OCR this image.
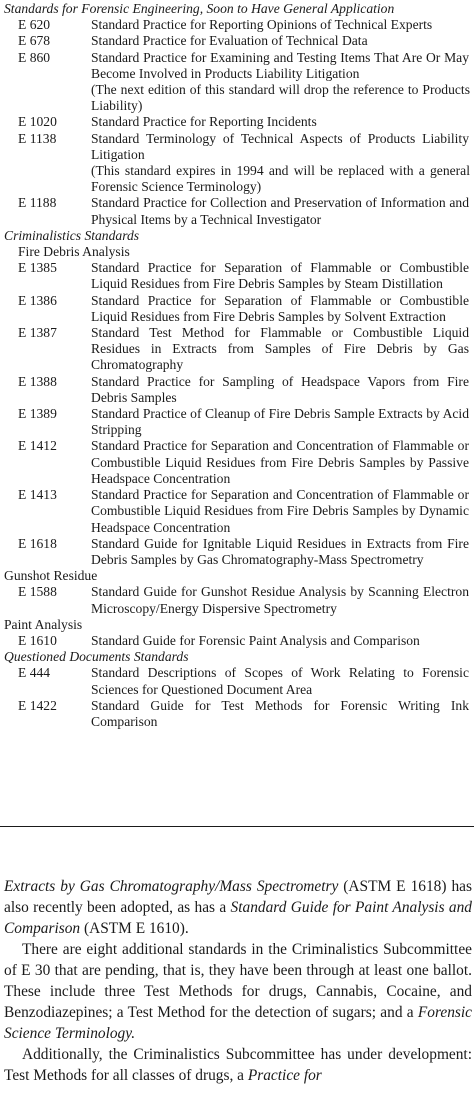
Standards for Forensic Engineering, Soon to Have General Application
E 620	Standard Practice for Reporting Opinions of Technical Experts
E 678	Standard Practice for Evaluation of Technical Data
E 860	Standard Practice for Examining and Testing Items That Are Or May Become Involved in Products Liability Litigation
(The next edition of this standard will drop the reference to Products Liability)
E 1020	Standard Practice for Reporting Incidents
E 1138	Standard Terminology of Technical Aspects of Products Liability Litigation
(This standard expires in 1994 and will be replaced with a general Forensic Science Terminology)
E 1188	Standard Practice for Collection and Preservation of Information and Physical Items by a Technical Investigator
Criminalistics Standards
Fire Debris Analysis
E 1385	Standard Practice for Separation of Flammable or Combustible Liquid Residues from Fire Debris Samples by Steam Distillation
E 1386	Standard Practice for Separation of Flammable or Combustible Liquid Residues from Fire Debris Samples by Solvent Extraction
E 1387	Standard Test Method for Flammable or Combustible Liquid Residues in Extracts from Samples of Fire Debris by Gas Chromatography
E 1388	Standard Practice for Sampling of Headspace Vapors from Fire Debris Samples
E 1389	Standard Practice of Cleanup of Fire Debris Sample Extracts by Acid Stripping
E 1412	Standard Practice for Separation and Concentration of Flammable or Combustible Liquid Residues from Fire Debris Samples by Passive Headspace Concentration
E 1413	Standard Practice for Separation and Concentration of Flammable or Combustible Liquid Residues from Fire Debris Samples by Dynamic Headspace Concentration
E 1618	Standard Guide for Ignitable Liquid Residues in Extracts from Fire Debris Samples by Gas Chromatography-Mass Spectrometry
Gunshot Residue
E 1588	Standard Guide for Gunshot Residue Analysis by Scanning Electron Microscopy/Energy Dispersive Spectrometry
Paint Analysis
E 1610	Standard Guide for Forensic Paint Analysis and Comparison
Questioned Documents Standards
E 444	Standard Descriptions of Scopes of Work Relating to Forensic Sciences for Questioned Document Area
E 1422	Standard Guide for Test Methods for Forensic Writing Ink Comparison

Extracts by Gas Chromatography/Mass Spectrometry (ASTM E 1618) has also recently been adopted, as has a Standard Guide for Paint Analysis and Comparison (ASTM E 1610).

There are eight additional standards in the Criminalistics Subcommittee of E 30 that are pending, that is, they have been through at least one ballot. These include three Test Methods for drugs, Cannabis, Cocaine, and Benzodiazepines; a Test Method for the detection of sugars; and a Forensic Science Terminology.

Additionally, the Criminalistics Subcommittee has under development: Test Methods for all classes of drugs, a Practice for
